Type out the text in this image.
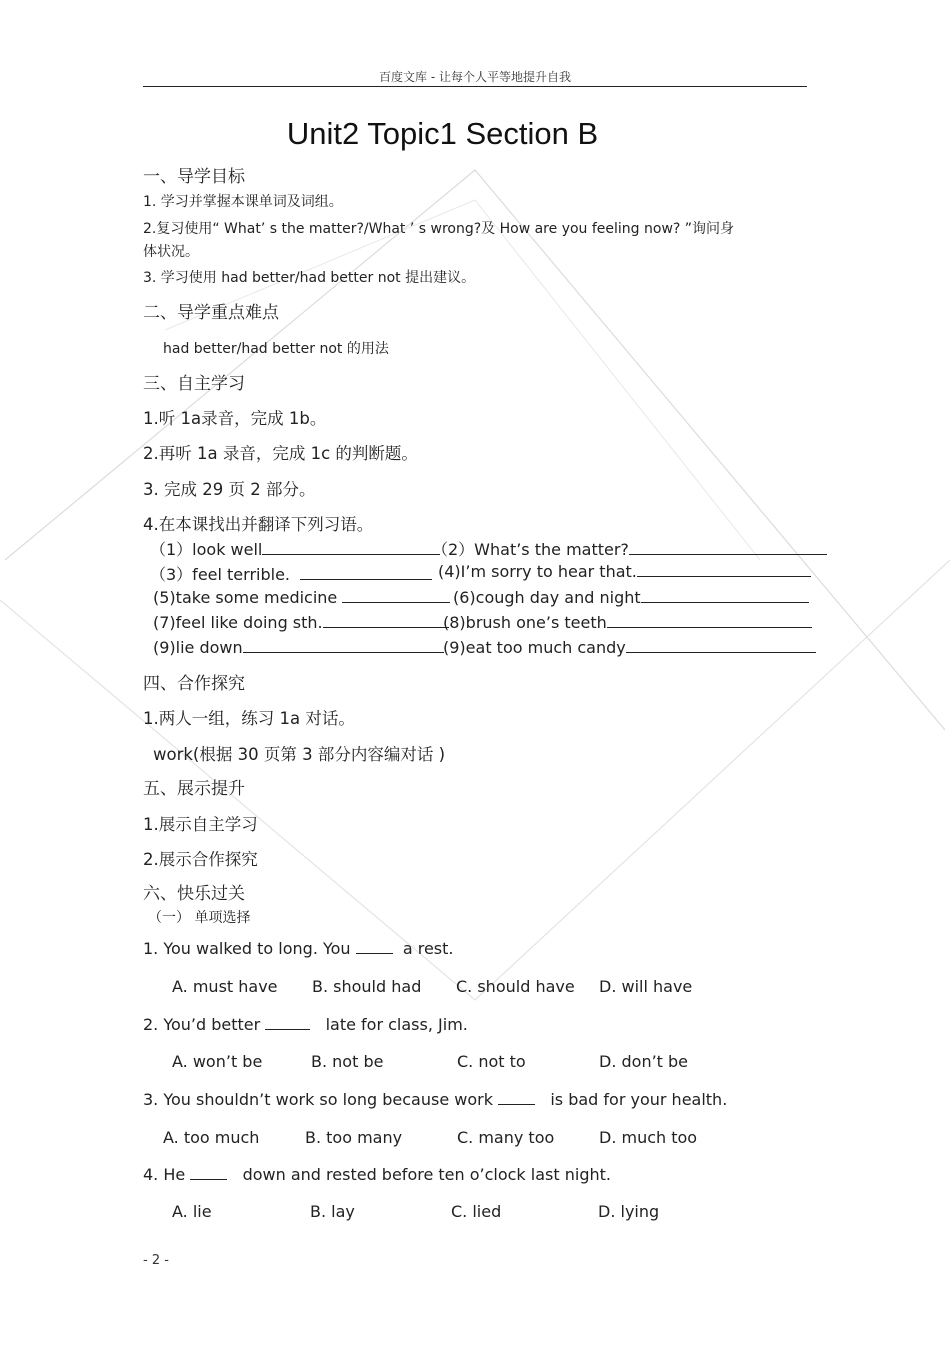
百度文库 - 让每个人平等地提升自我
Unit2 Topic1 Section B
一、导学目标
1. 学习并掌握本课单词及词组。
2.复习使用“ What’ s the matter?/What ’ s wrong?及 How are you feeling now? ”询问身
体状况。
3. 学习使用 had better/had better not 提出建议。
二、导学重点难点
had better/had better not 的用法
三、自主学习
1.听 1a录音，完成 1b。
2.再听 1a 录音，完成 1c 的判断题。
3. 完成 29 页 2 部分。
4.在本课找出并翻译下列习语。
（1）look well	（2）What’s the matter?
（3）feel terrible.	(4)I’m sorry to hear that.
(5)take some medicine	(6)cough day and night
(7)feel like doing sth.	(8)brush one’s teeth
(9)lie down	(9)eat too much candy
四、合作探究
1.两人一组，练习 1a 对话。
work(根据 30 页第 3 部分内容编对话 )
五、展示提升
1.展示自主学习
2.展示合作探究
六、快乐过关
（一） 单项选择
1. You walked to long. You	a rest.
A. must have B. should had C. should have D. will have
2. You’d better	late for class, Jim.
A. won’t be	B. not be	C. not to	D. don’t be
3. You shouldn’t work so long because work	is bad for your health.
A. too much	B. too many	C. many too	D. much too
4. He	down and rested before ten o’clock last night.
A. lie	B. lay	C. lied	D. lying
- 2 -
